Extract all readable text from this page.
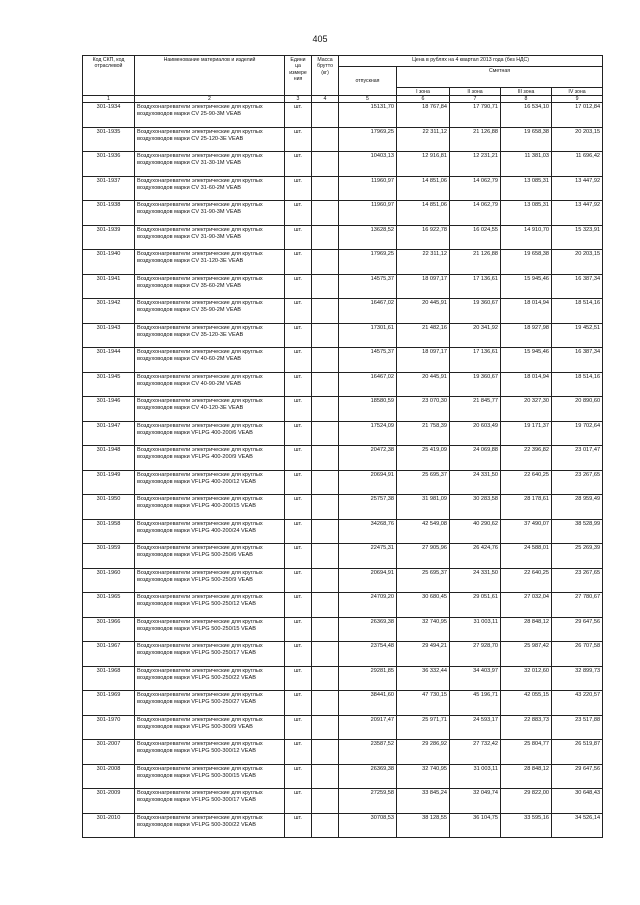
405
Код СКП, код отраслевой	Наименование материалов и изделий	Едини ца измере ния	Масса брутто (кг)	Цена в рублях на 4 квартал 2013 года (без НДС)				
				отпускная	Сметная			
					I зона	II зона	III зона	IV зона
1	2	3	4	5	6	7	8	9
301-1934	Воздухонагреватели электрические для круглых воздуховодов марки CV 25-90-3M VEAB	шт.		15131,70	18 767,84	17 790,71	16 534,10	17 012,84
301-1935	Воздухонагреватели электрические для круглых воздуховодов марки CV 25-120-3E VEAB	шт.		17969,25	22 311,12	21 126,88	19 658,38	20 203,15
301-1936	Воздухонагреватели электрические для круглых воздуховодов марки CV 31-30-1M VEAB	шт.		10403,13	12 916,81	12 231,21	11 381,03	11 696,42
301-1937	Воздухонагреватели электрические для круглых воздуховодов марки CV 31-60-2M VEAB	шт.		11960,97	14 851,06	14 062,79	13 085,31	13 447,92
301-1938	Воздухонагреватели электрические для круглых воздуховодов марки CV 31-90-3M VEAB	шт.		11960,97	14 851,06	14 062,79	13 085,31	13 447,92
301-1939	Воздухонагреватели электрические для круглых воздуховодов марки CV 31-90-3M VEAB	шт.		13628,52	16 922,78	16 024,55	14 910,70	15 323,91
301-1940	Воздухонагреватели электрические для круглых воздуховодов марки CV 31-120-3E VEAB	шт.		17969,25	22 311,12	21 126,88	19 658,38	20 203,15
301-1941	Воздухонагреватели электрические для круглых воздуховодов марки CV 35-60-2M VEAB	шт.		14575,37	18 097,17	17 136,61	15 945,46	16 387,34
301-1942	Воздухонагреватели электрические для круглых воздуховодов марки CV 35-90-2M VEAB	шт.		16467,02	20 445,91	19 360,67	18 014,94	18 514,16
301-1943	Воздухонагреватели электрические для круглых воздуховодов марки CV 35-120-3E VEAB	шт.		17301,61	21 482,16	20 341,92	18 927,98	19 452,51
301-1944	Воздухонагреватели электрические для круглых воздуховодов марки CV 40-60-2M VEAB	шт.		14575,37	18 097,17	17 136,61	15 945,46	16 387,34
301-1945	Воздухонагреватели электрические для круглых воздуховодов марки CV 40-90-2M VEAB	шт.		16467,02	20 445,91	19 360,67	18 014,94	18 514,16
301-1946	Воздухонагреватели электрические для круглых воздуховодов марки CV 40-120-3E VEAB	шт.		18580,59	23 070,30	21 845,77	20 327,30	20 890,60
301-1947	Воздухонагреватели электрические для круглых воздуховодов марки VFLPG 400-200/6 VEAB	шт.		17524,09	21 758,39	20 603,49	19 171,37	19 702,64
301-1948	Воздухонагреватели электрические для круглых воздуховодов марки VFLPG 400-200/9 VEAB	шт.		20472,38	25 419,09	24 069,88	22 396,82	23 017,47
301-1949	Воздухонагреватели электрические для круглых воздуховодов марки VFLPG 400-200/12 VEAB	шт.		20694,91	25 695,37	24 331,50	22 640,25	23 267,65
301-1950	Воздухонагреватели электрические для круглых воздуховодов марки VFLPG 400-200/15 VEAB	шт.		25757,38	31 981,09	30 283,58	28 178,61	28 959,49
301-1958	Воздухонагреватели электрические для круглых воздуховодов марки VFLPG 400-200/24 VEAB	шт.		34268,76	42 549,08	40 290,62	37 490,07	38 528,99
301-1959	Воздухонагреватели электрические для круглых воздуховодов марки VFLPG 500-250/6 VEAB	шт.		22475,31	27 905,96	26 424,76	24 588,01	25 269,39
301-1960	Воздухонагреватели электрические для круглых воздуховодов марки VFLPG 500-250/9 VEAB	шт.		20694,91	25 695,37	24 331,50	22 640,25	23 267,65
301-1965	Воздухонагреватели электрические для круглых воздуховодов марки VFLPG 500-250/12 VEAB	шт.		24709,20	30 680,45	29 051,61	27 032,04	27 780,67
301-1966	Воздухонагреватели электрические для круглых воздуховодов марки VFLPG 500-250/15 VEAB	шт.		26369,38	32 740,95	31 003,11	28 848,12	29 647,56
301-1967	Воздухонагреватели электрические для круглых воздуховодов марки VFLPG 500-250/17 VEAB	шт.		23754,48	29 494,21	27 928,70	25 987,42	26 707,58
301-1968	Воздухонагреватели электрические для круглых воздуховодов марки VFLPG 500-250/22 VEAB	шт.		29281,85	36 332,44	34 403,97	32 012,60	32 899,73
301-1969	Воздухонагреватели электрические для круглых воздуховодов марки VFLPG 500-250/27 VEAB	шт.		38441,60	47 730,15	45 196,71	42 055,15	43 220,57
301-1970	Воздухонагреватели электрические для круглых воздуховодов марки VFLPG 500-300/9 VEAB	шт.		20917,47	25 971,71	24 593,17	22 883,73	23 517,88
301-2007	Воздухонагреватели электрические для круглых воздуховодов марки VFLPG 500-300/12 VEAB	шт.		23587,52	29 286,92	27 732,42	25 804,77	26 519,87
301-2008	Воздухонагреватели электрические для круглых воздуховодов марки VFLPG 500-300/15 VEAB	шт.		26369,38	32 740,95	31 003,11	28 848,12	29 647,56
301-2009	Воздухонагреватели электрические для круглых воздуховодов марки VFLPG 500-300/17 VEAB	шт.		27259,58	33 845,24	32 049,74	29 822,00	30 648,43
301-2010	Воздухонагреватели электрические для круглых воздуховодов марки VFLPG 500-300/22 VEAB	шт.		30708,53	38 128,55	36 104,75	33 595,16	34 526,14
